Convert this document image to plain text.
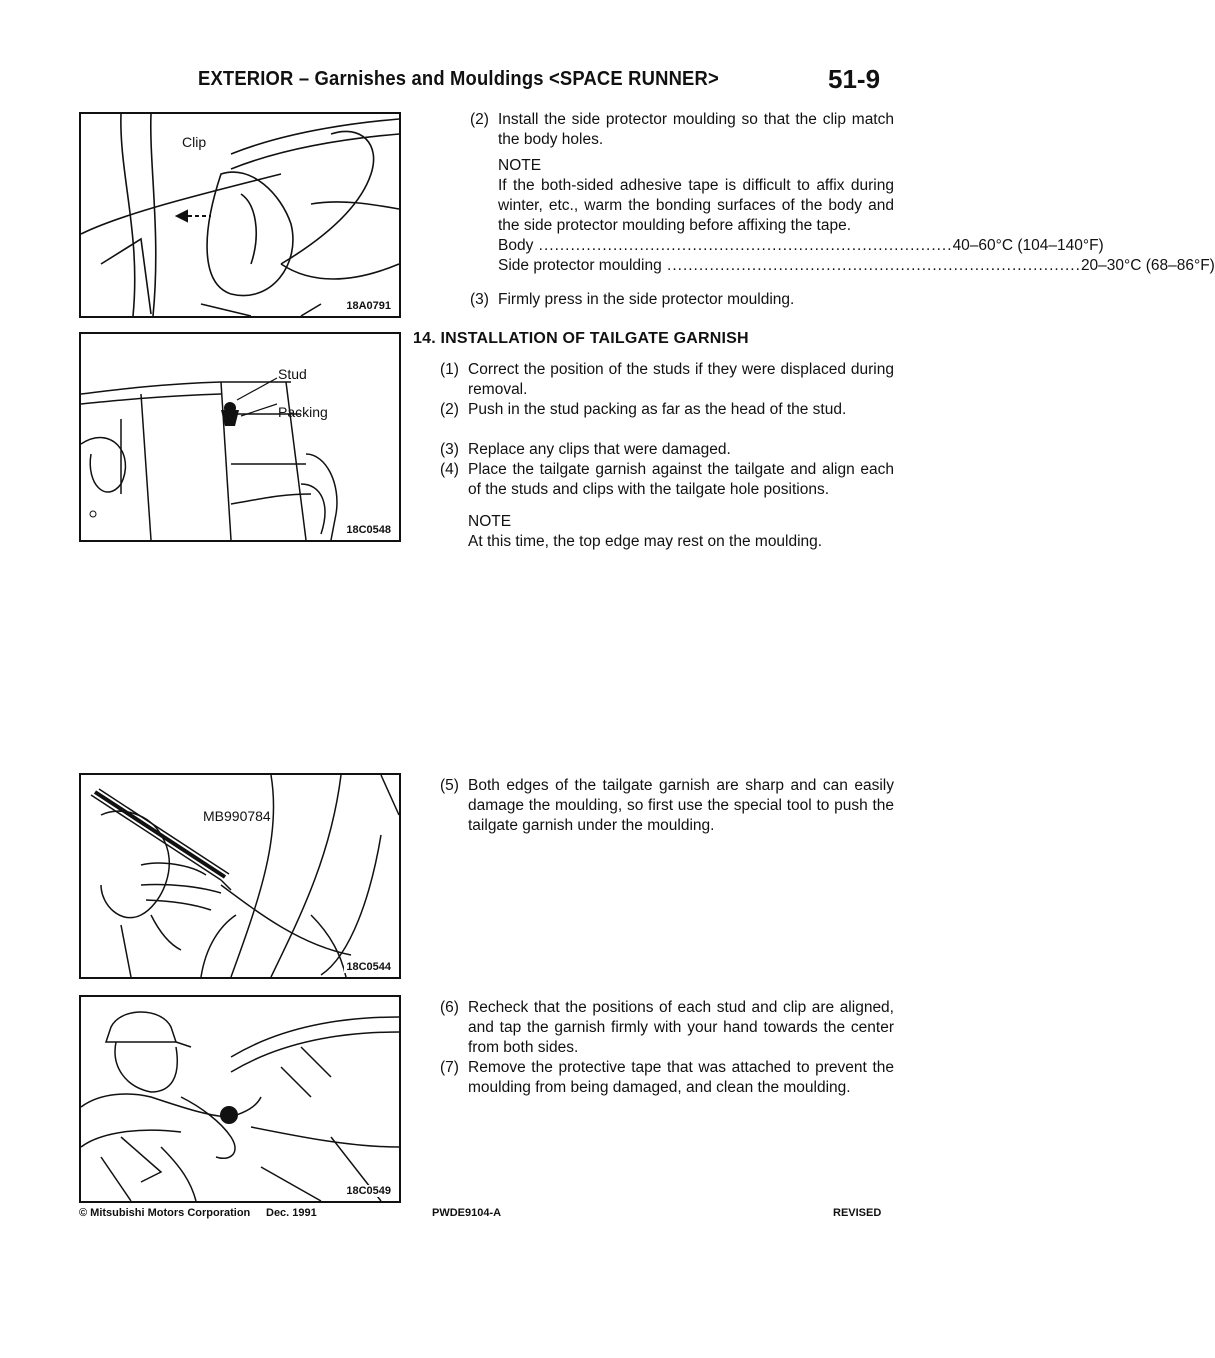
EXTERIOR – Garnishes and Mouldings <SPACE RUNNER>	51-9
Clip
18A0791
Stud
Packing
18C0548
MB990784
18C0544
18C0549
(2) Install the side protector moulding so that the clip match the body holes.
NOTE
If the both-sided adhesive tape is difficult to affix during winter, etc., warm the bonding surfaces of the body and the side protector moulding before affixing the tape.
Body .............................................................................. 40–60°C (104–140°F)
Side protector moulding .............................................................................. 20–30°C (68–86°F)
(3) Firmly press in the side protector moulding.
14. INSTALLATION OF TAILGATE GARNISH
(1) Correct the position of the studs if they were displaced during removal.
(2) Push in the stud packing as far as the head of the stud.
(3) Replace any clips that were damaged.
(4) Place the tailgate garnish against the tailgate and align each of the studs and clips with the tailgate hole positions.
NOTE
At this time, the top edge may rest on the moulding.
(5) Both edges of the tailgate garnish are sharp and can easily damage the moulding, so first use the special tool to push the tailgate garnish under the moulding.
(6) Recheck that the positions of each stud and clip are aligned, and tap the garnish firmly with your hand towards the center from both sides.
(7) Remove the protective tape that was attached to prevent the moulding from being damaged, and clean the moulding.
© Mitsubishi Motors Corporation Dec. 1991	PWDE9104-A	REVISED
